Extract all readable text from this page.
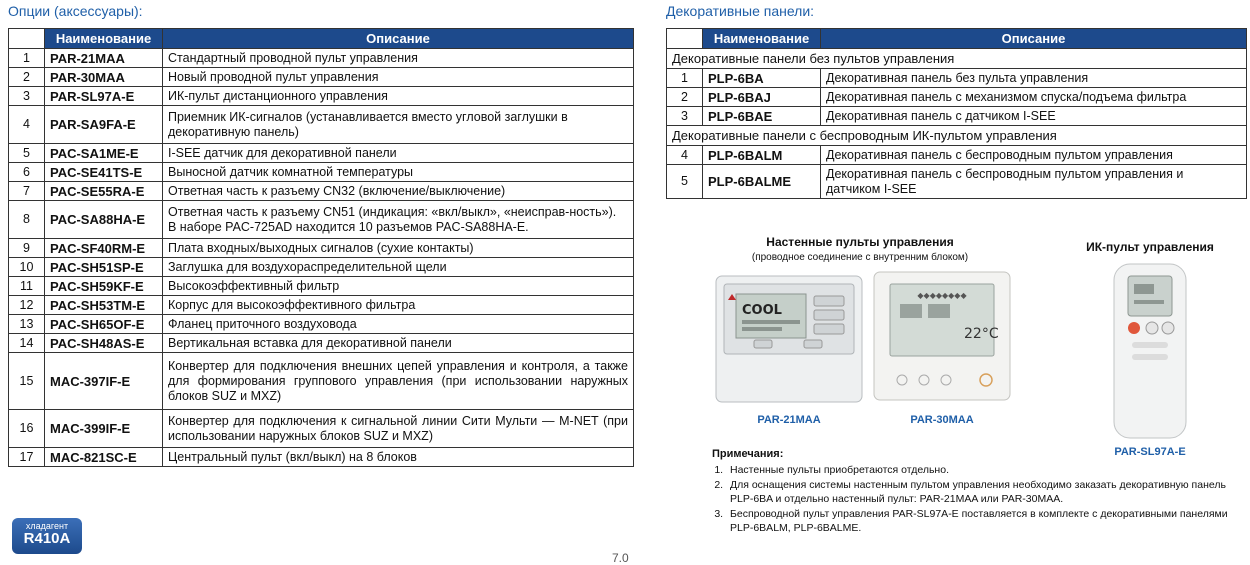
Опции (аксессуары):
	Наименование	Описание
1	PAR-21MAA	Стандартный проводной пульт управления
2	PAR-30MAA	Новый проводной пульт управления
3	PAR-SL97A-E	ИК-пульт дистанционного управления
4	PAR-SA9FA-E	Приемник ИК-сигналов (устанавливается вместо угловой заглушки в декоративную панель)
5	PAC-SA1ME-E	I-SEE датчик для декоративной панели
6	PAC-SE41TS-E	Выносной датчик комнатной температуры
7	PAC-SE55RA-E	Ответная часть к разъему CN32 (включение/выключение)
8	PAC-SA88HA-E	Ответная часть к разъему CN51 (индикация: «вкл/выкл», «неисправ-ность»). В наборе PAC-725AD находится 10 разъемов PAC-SA88HA-E.
9	PAC-SF40RM-E	Плата входных/выходных сигналов (сухие контакты)
10	PAC-SH51SP-E	Заглушка для воздухораспределительной щели
11	PAC-SH59KF-E	Высокоэффективный фильтр
12	PAC-SH53TM-E	Корпус для высокоэффективного фильтра
13	PAC-SH65OF-E	Фланец приточного воздуховода
14	PAC-SH48AS-E	Вертикальная вставка для декоративной панели
15	MAC-397IF-E	Конвертер для подключения внешних цепей управления и контроля, а также для формирования группового управления (при использовании наружных блоков SUZ и MXZ)
16	MAC-399IF-E	Конвертер для подключения к сигнальной линии Сити Мульти — M-NET (при использовании наружных блоков SUZ и MXZ)
17	MAC-821SC-E	Центральный пульт (вкл/выкл) на 8 блоков
Декоративные панели:
	Наименование	Описание
Декоративные панели без пультов управления		
1	PLP-6BA	Декоративная панель без пульта управления
2	PLP-6BAJ	Декоративная панель с механизмом спуска/подъема фильтра
3	PLP-6BAE	Декоративная панель с датчиком I-SEE
Декоративные панели с беспроводным ИК-пультом управления		
4	PLP-6BALM	Декоративная панель с беспроводным пультом управления
5	PLP-6BALME	Декоративная панель с беспроводным пультом управления и датчиком I-SEE
Настенные пульты управления
(проводное соединение с внутренним блоком)
ИК-пульт управления
COOL
PAR-21MAA
◆◆◆◆◆◆◆◆
22°C
PAR-30MAA
PAR-SL97A-E
Примечания:
1. Настенные пульты приобретаются отдельно.
2. Для оснащения системы настенным пультом управления необходимо заказать декоративную панель PLP-6BA и отдельно настенный пульт: PAR-21MAA или PAR-30MAA.
3. Беспроводной пульт управления PAR-SL97A-E поставляется в комплекте с декоративными панелями PLP-6BALM, PLP-6BALME.
хладагент
R410A
7.0
